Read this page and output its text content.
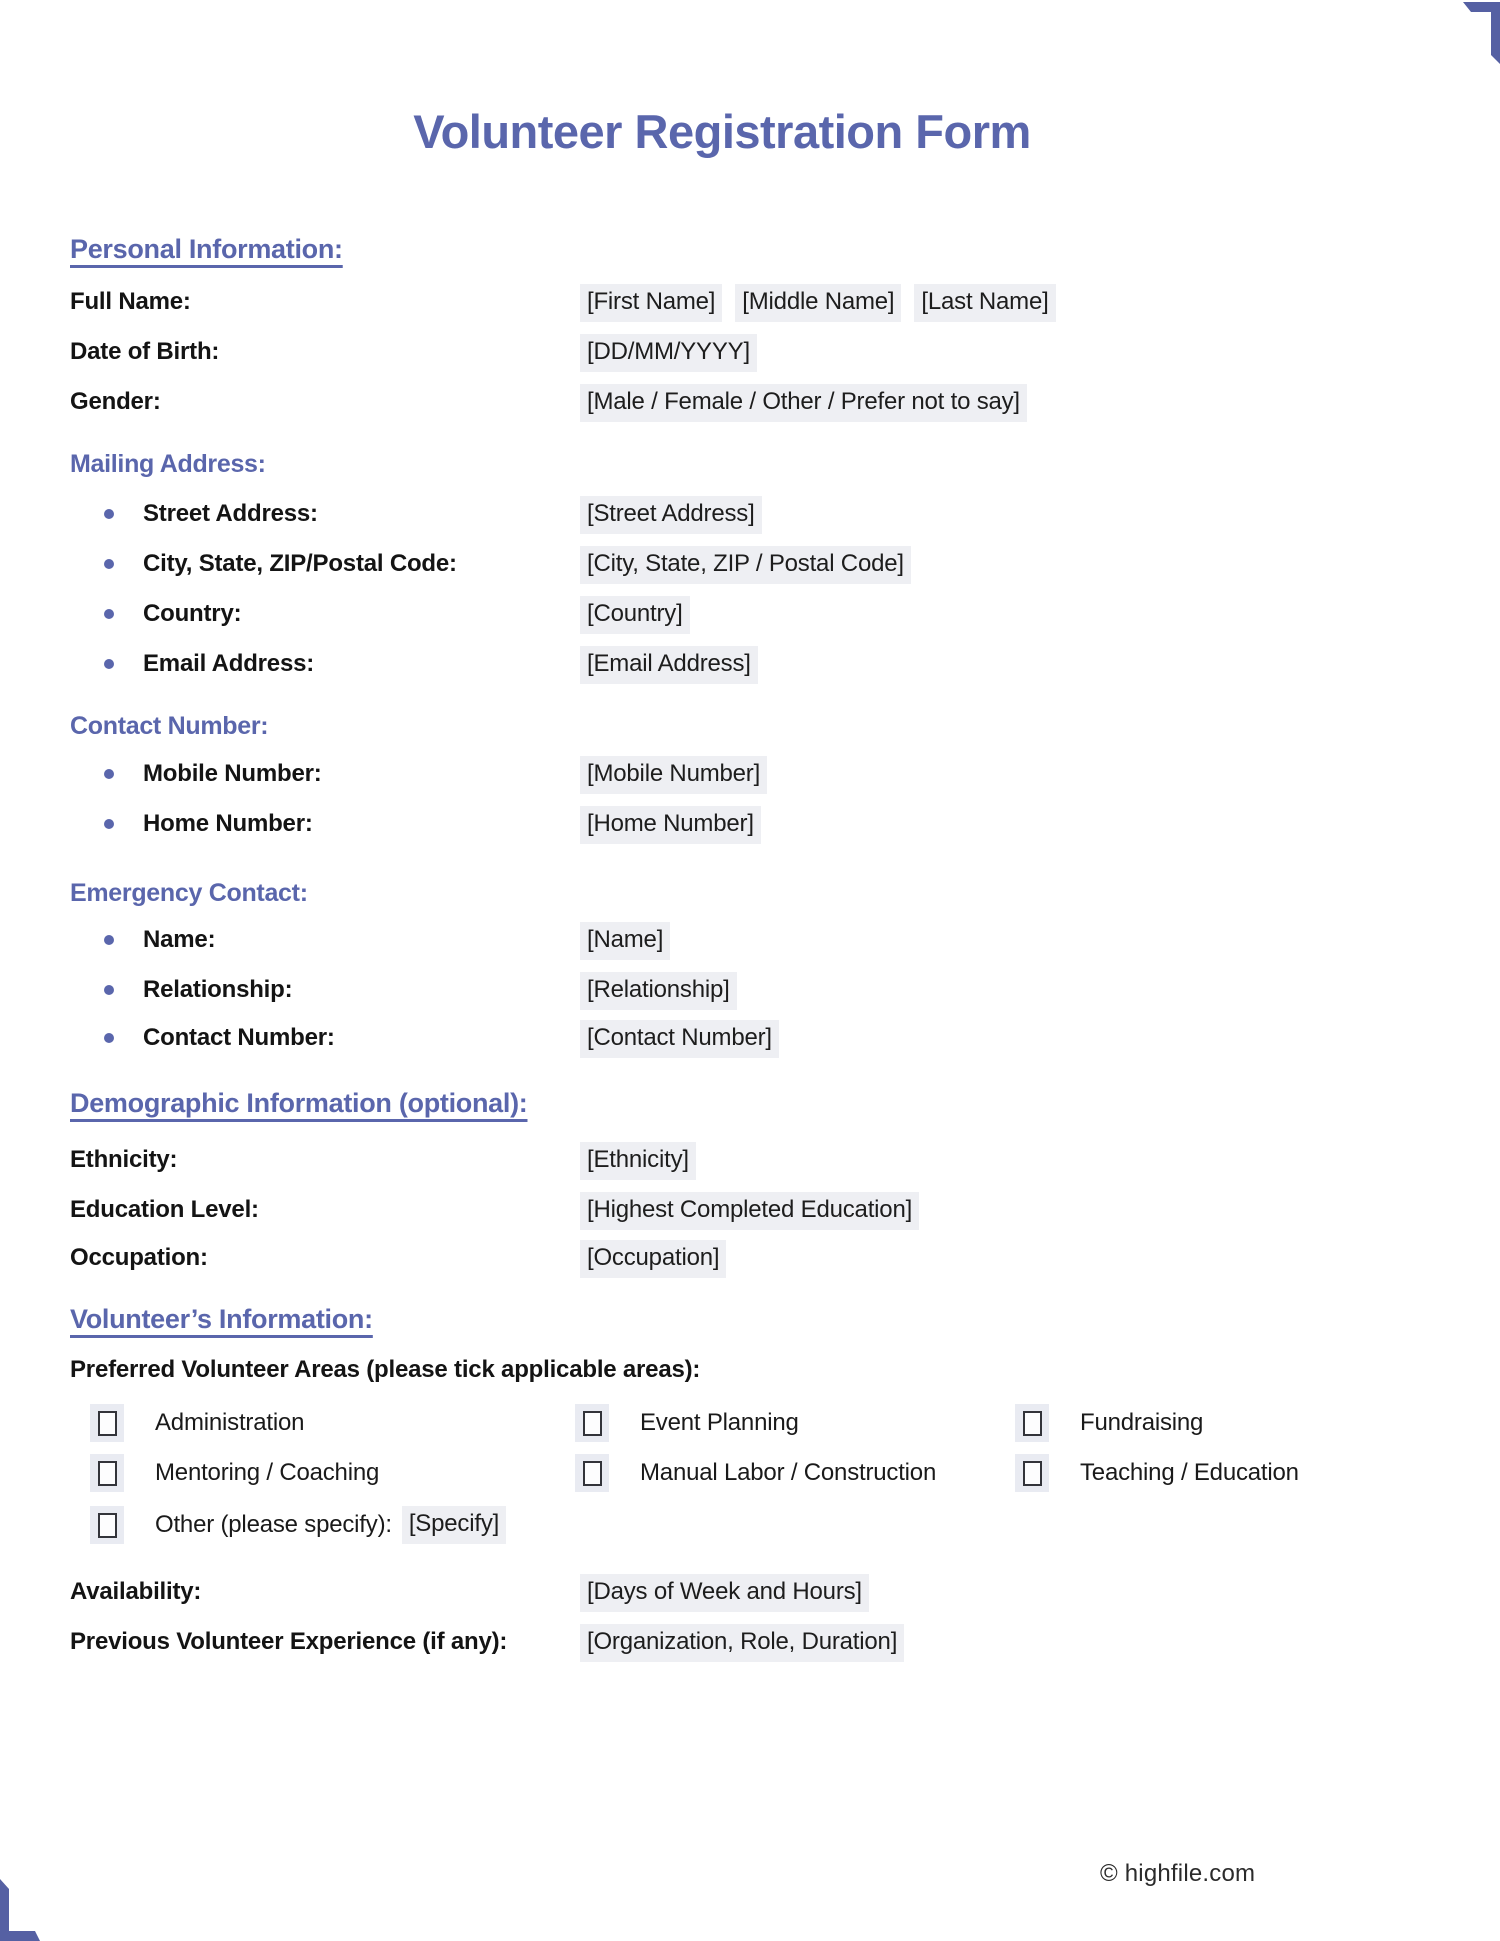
Volunteer Registration Form
Personal Information:
Full Name:	[First Name] [Middle Name] [Last Name]
Date of Birth:	[DD/MM/YYYY]
Gender:	[Male / Female / Other / Prefer not to say]
Mailing Address:
Street Address:	[Street Address]
City, State, ZIP/Postal Code:	[City, State, ZIP / Postal Code]
Country:	[Country]
Email Address:	[Email Address]
Contact Number:
Mobile Number:	[Mobile Number]
Home Number:	[Home Number]
Emergency Contact:
Name:	[Name]
Relationship:	[Relationship]
Contact Number:	[Contact Number]
Demographic Information (optional):
Ethnicity:	[Ethnicity]
Education Level:	[Highest Completed Education]
Occupation:	[Occupation]
Volunteer’s Information:
Preferred Volunteer Areas (please tick applicable areas):
Administration	Event Planning	Fundraising
Mentoring / Coaching	Manual Labor / Construction	Teaching / Education
Other (please specify): [Specify]
Availability:	[Days of Week and Hours]
Previous Volunteer Experience (if any):	[Organization, Role, Duration]
© highfile.com
